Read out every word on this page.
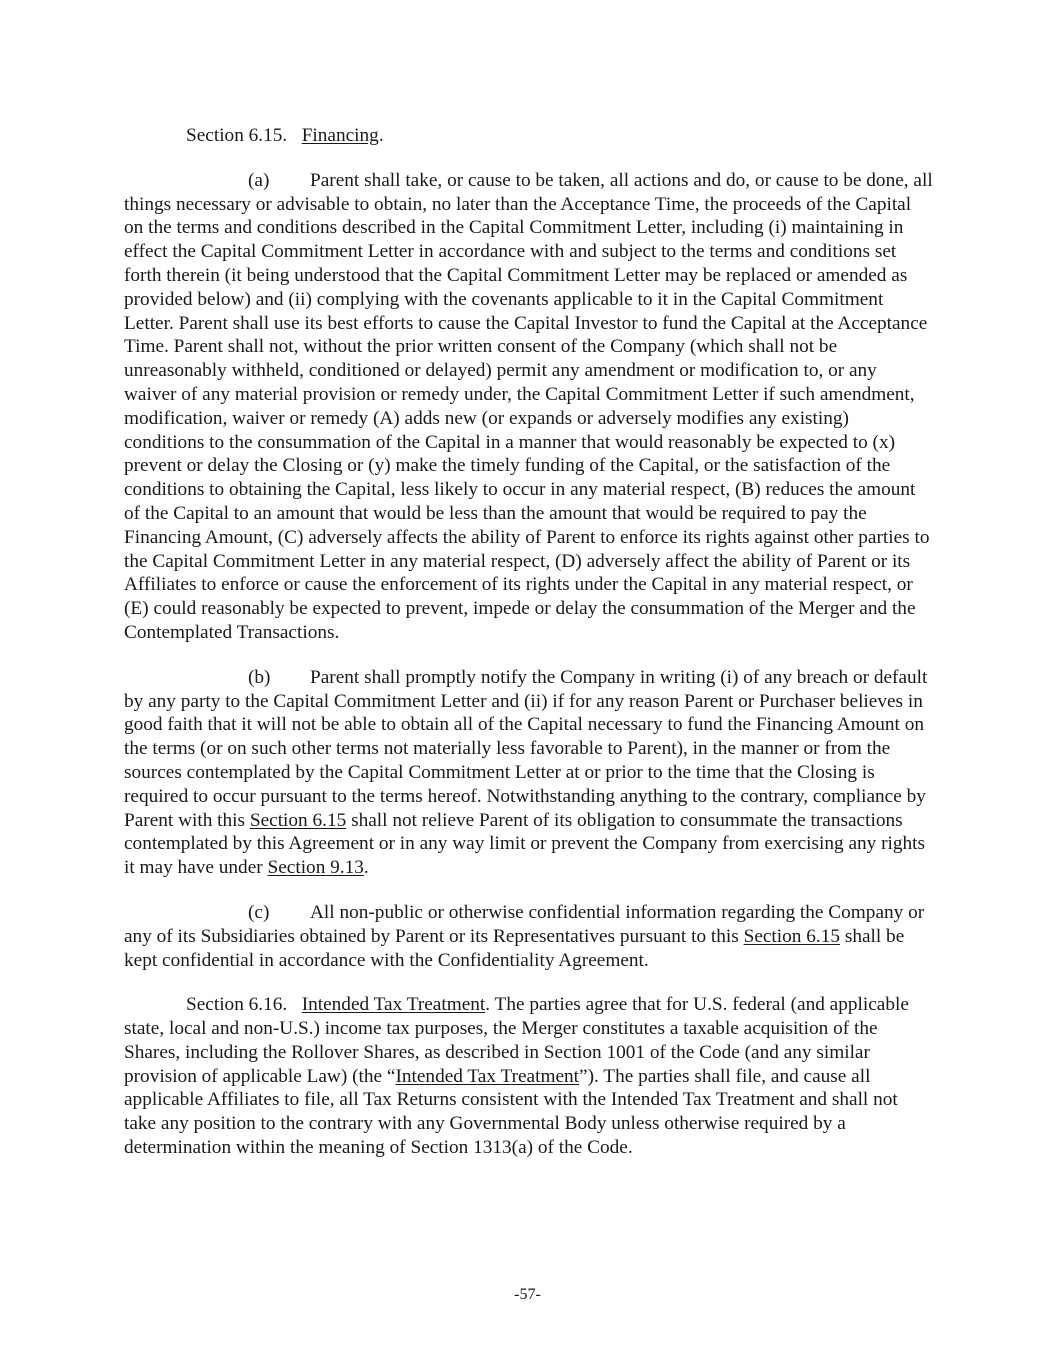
Section 6.15. Financing.

(a) Parent shall take, or cause to be taken, all actions and do, or cause to be done, all things necessary or advisable to obtain, no later than the Acceptance Time, the proceeds of the Capital on the terms and conditions described in the Capital Commitment Letter, including (i) maintaining in effect the Capital Commitment Letter in accordance with and subject to the terms and conditions set forth therein (it being understood that the Capital Commitment Letter may be replaced or amended as provided below) and (ii) complying with the covenants applicable to it in the Capital Commitment Letter. Parent shall use its best efforts to cause the Capital Investor to fund the Capital at the Acceptance Time. Parent shall not, without the prior written consent of the Company (which shall not be unreasonably withheld, conditioned or delayed) permit any amendment or modification to, or any waiver of any material provision or remedy under, the Capital Commitment Letter if such amendment, modification, waiver or remedy (A) adds new (or expands or adversely modifies any existing) conditions to the consummation of the Capital in a manner that would reasonably be expected to (x) prevent or delay the Closing or (y) make the timely funding of the Capital, or the satisfaction of the conditions to obtaining the Capital, less likely to occur in any material respect, (B) reduces the amount of the Capital to an amount that would be less than the amount that would be required to pay the Financing Amount, (C) adversely affects the ability of Parent to enforce its rights against other parties to the Capital Commitment Letter in any material respect, (D) adversely affect the ability of Parent or its Affiliates to enforce or cause the enforcement of its rights under the Capital in any material respect, or (E) could reasonably be expected to prevent, impede or delay the consummation of the Merger and the Contemplated Transactions.

(b) Parent shall promptly notify the Company in writing (i) of any breach or default by any party to the Capital Commitment Letter and (ii) if for any reason Parent or Purchaser believes in good faith that it will not be able to obtain all of the Capital necessary to fund the Financing Amount on the terms (or on such other terms not materially less favorable to Parent), in the manner or from the sources contemplated by the Capital Commitment Letter at or prior to the time that the Closing is required to occur pursuant to the terms hereof. Notwithstanding anything to the contrary, compliance by Parent with this Section 6.15 shall not relieve Parent of its obligation to consummate the transactions contemplated by this Agreement or in any way limit or prevent the Company from exercising any rights it may have under Section 9.13.

(c) All non-public or otherwise confidential information regarding the Company or any of its Subsidiaries obtained by Parent or its Representatives pursuant to this Section 6.15 shall be kept confidential in accordance with the Confidentiality Agreement.

Section 6.16. Intended Tax Treatment. The parties agree that for U.S. federal (and applicable state, local and non-U.S.) income tax purposes, the Merger constitutes a taxable acquisition of the Shares, including the Rollover Shares, as described in Section 1001 of the Code (and any similar provision of applicable Law) (the “Intended Tax Treatment”). The parties shall file, and cause all applicable Affiliates to file, all Tax Returns consistent with the Intended Tax Treatment and shall not take any position to the contrary with any Governmental Body unless otherwise required by a determination within the meaning of Section 1313(a) of the Code.

-57-
